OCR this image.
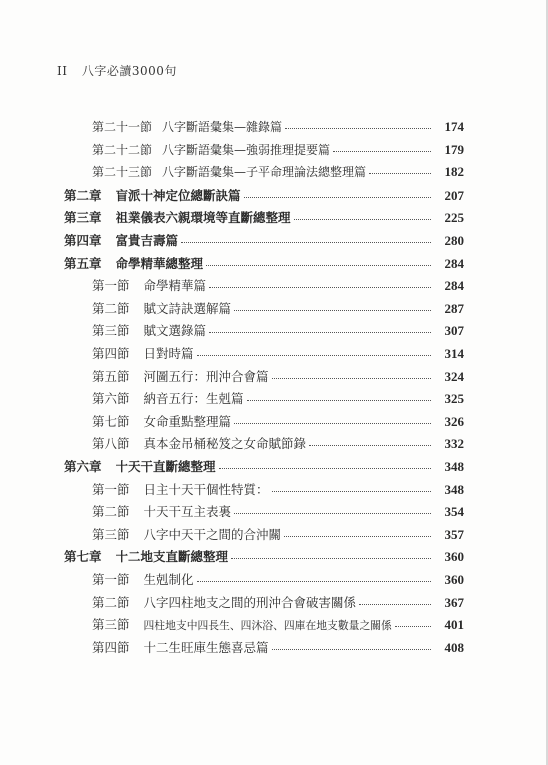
II 八字必讀3000句
第二十一節 八字斷語彙集—雜錄篇	174
第二十二節 八字斷語彙集—強弱推理提要篇	179
第二十三節 八字斷語彙集—子平命理論法總整理篇	182
第二章 盲派十神定位總斷訣篇	207
第三章 祖業儀表六親環境等直斷總整理	225
第四章 富貴吉壽篇	280
第五章 命學精華總整理	284
第一節 命學精華篇	284
第二節 賦文詩訣選解篇	287
第三節 賦文選錄篇	307
第四節 日對時篇	314
第五節 河圖五行：刑沖合會篇	324
第六節 納音五行：生剋篇	325
第七節 女命重點整理篇	326
第八節 真本金吊桶秘笈之女命賦節錄	332
第六章 十天干直斷總整理	348
第一節 日主十天干個性特質：	348
第二節 十天干互主表裏	354
第三節 八字中天干之間的合沖關	357
第七章 十二地支直斷總整理	360
第一節 生剋制化	360
第二節 八字四柱地支之間的刑沖合會破害關係	367
第三節 四柱地支中四長生、四沐浴、四庫在地支數量之關係	401
第四節 十二生旺庫生態喜忌篇	408
